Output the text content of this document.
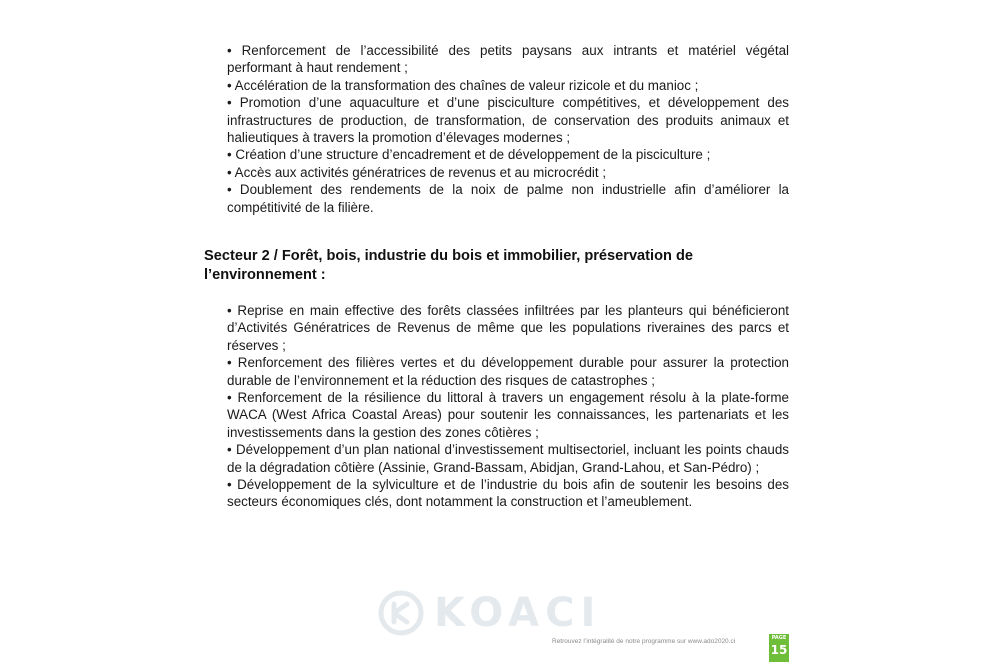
• Renforcement de l’accessibilité des petits paysans aux intrants et matériel végétal performant à haut rendement ;
• Accélération de la transformation des chaînes de valeur rizicole et du manioc ;
• Promotion d’une aquaculture et d’une pisciculture compétitives, et développement des infrastructures de production, de transformation, de conservation des produits animaux et halieutiques à travers la promotion d’élevages modernes ;
• Création d’une structure d’encadrement et de développement de la pisciculture ;
• Accès aux activités génératrices de revenus et au microcrédit ;
• Doublement des rendements de la noix de palme non industrielle afin d’améliorer la compétitivité de la filière.
Secteur 2 / Forêt, bois, industrie du bois et immobilier, préservation de l’environnement :
• Reprise en main effective des forêts classées infiltrées par les planteurs qui bénéficieront d’Activités Génératrices de Revenus de même que les populations riveraines des parcs et réserves ;
• Renforcement des filières vertes et du développement durable pour assurer la protection durable de l’environnement et la réduction des risques de catastrophes ;
• Renforcement de la résilience du littoral à travers un engagement résolu à la plate-forme WACA (West Africa Coastal Areas) pour soutenir les connaissances, les partenariats et les investissements dans la gestion des zones côtières ;
• Développement d’un plan national d’investissement multisectoriel, incluant les points chauds de la dégradation côtière (Assinie, Grand-Bassam, Abidjan, Grand-Lahou, et San-Pédro) ;
• Développement de la sylviculture et de l’industrie du bois afin de soutenir les besoins des secteurs économiques clés, dont notamment la construction et l’ameublement.
KOACI
Retrouvez l’intégralité de notre programme sur www.ado2020.ci	PAGE
15
